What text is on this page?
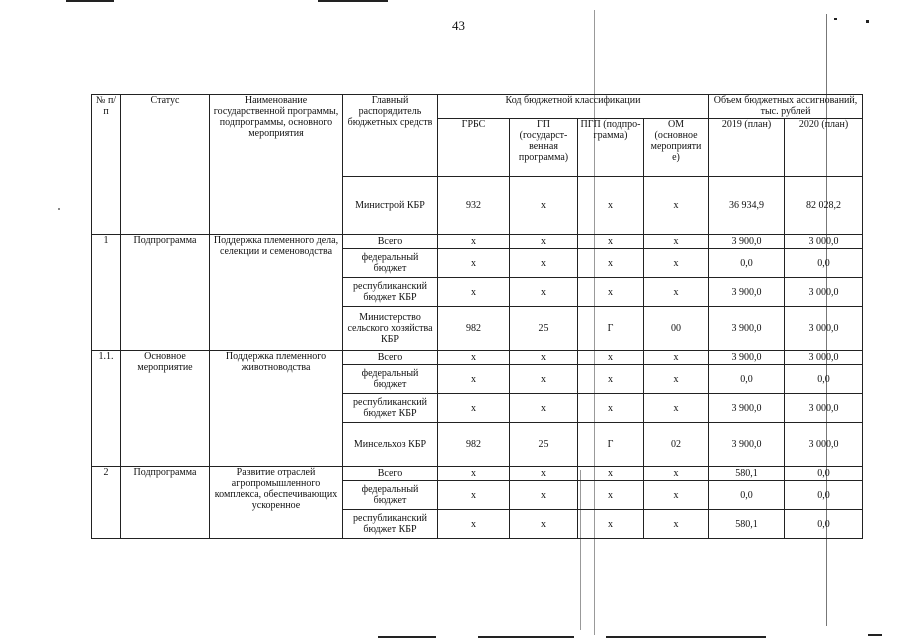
43
№ п/п	Статус	Наименование государственной программы, подпрограммы, основного мероприятия	Главный распорядитель бюджетных средств	Код бюджетной классификации				Объем бюджетных ассигнований, тыс. рублей	
				ГРБС	ГП (государст-венная программа)	ПГП (подпро-грамма)	ОМ (основное мероприяти е)	2019 (план)	2020 (план)
			Министрой КБР	932	х	х	х	36 934,9	82 028,2
1	Подпрограмма	Поддержка племенного дела, селекции и семеноводства	Всего	х	х	х	х	3 900,0	3 000,0
			федеральный бюджет	х	х	х	х	0,0	0,0
			республиканский бюджет КБР	х	х	х	х	3 900,0	3 000,0
			Министерство сельского хозяйства КБР	982	25	Г	00	3 900,0	3 000,0
1.1.	Основное мероприятие	Поддержка племенного животноводства	Всего	х	х	х	х	3 900,0	3 000,0
			федеральный бюджет	х	х	х	х	0,0	0,0
			республиканский бюджет КБР	х	х	х	х	3 900,0	3 000,0
			Минсельхоз КБР	982	25	Г	02	3 900,0	3 000,0
2	Подпрограмма	Развитие отраслей агропромышленного комплекса, обеспечивающих ускоренное	Всего	х	х	х	х	580,1	0,0
			федеральный бюджет	х	х	х	х	0,0	0,0
			республиканский бюджет КБР	х	х	х	х	580,1	0,0
